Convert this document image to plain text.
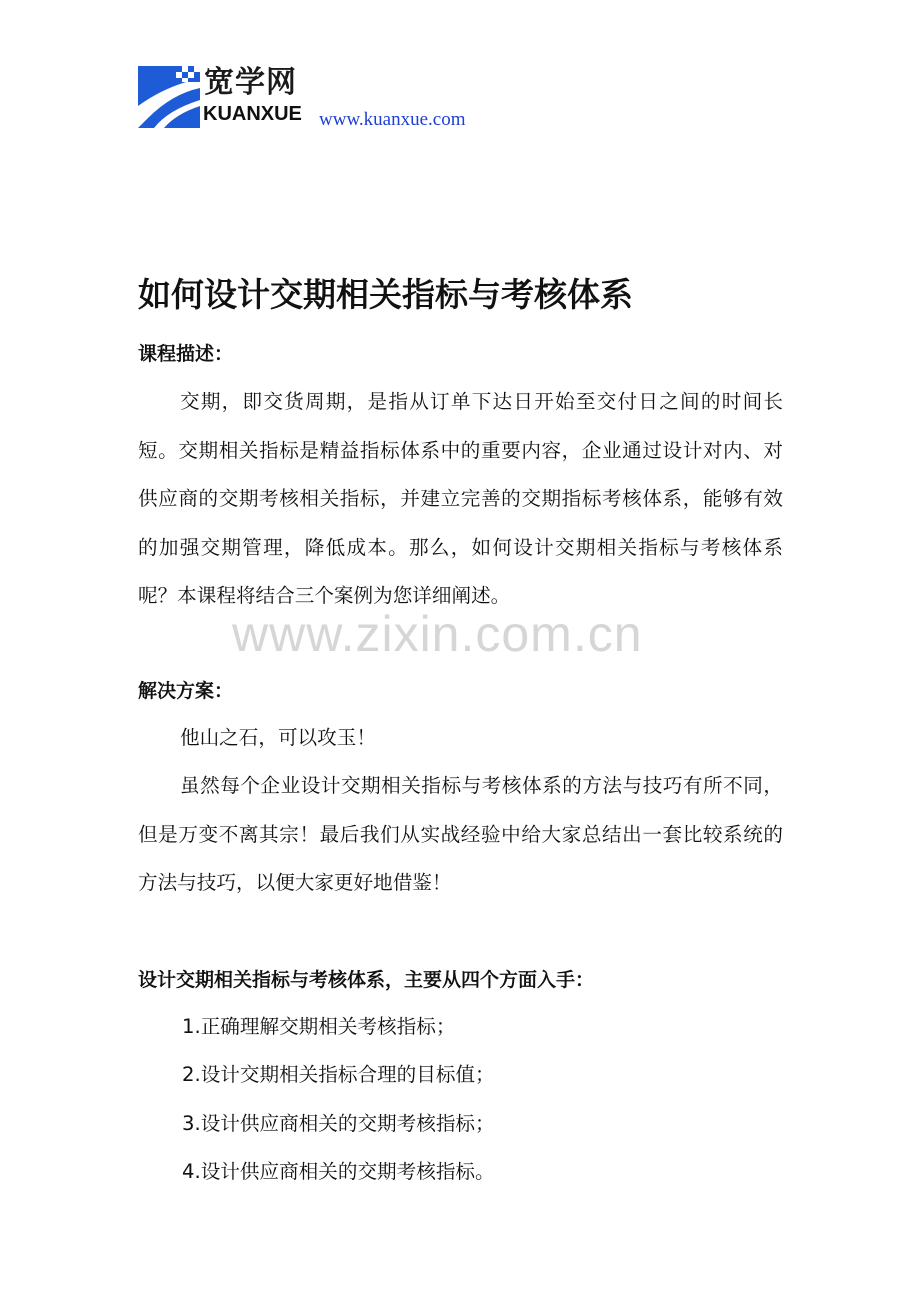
宽学网
KUANXUE www.kuanxue.com
如何设计交期相关指标与考核体系
课程描述：

交期，即交货周期，是指从订单下达日开始至交付日之间的时间长短。交期相关指标是精益指标体系中的重要内容，企业通过设计对内、对供应商的交期考核相关指标，并建立完善的交期指标考核体系，能够有效的加强交期管理，降低成本。那么，如何设计交期相关指标与考核体系呢？本课程将结合三个案例为您详细阐述。

www.zixin.com.cn
解决方案：

他山之石，可以攻玉！

虽然每个企业设计交期相关指标与考核体系的方法与技巧有所不同，但是万变不离其宗！最后我们从实战经验中给大家总结出一套比较系统的方法与技巧，以便大家更好地借鉴！

设计交期相关指标与考核体系，主要从四个方面入手：

1.正确理解交期相关考核指标；

2.设计交期相关指标合理的目标值；

3.设计供应商相关的交期考核指标；

4.设计供应商相关的交期考核指标。
